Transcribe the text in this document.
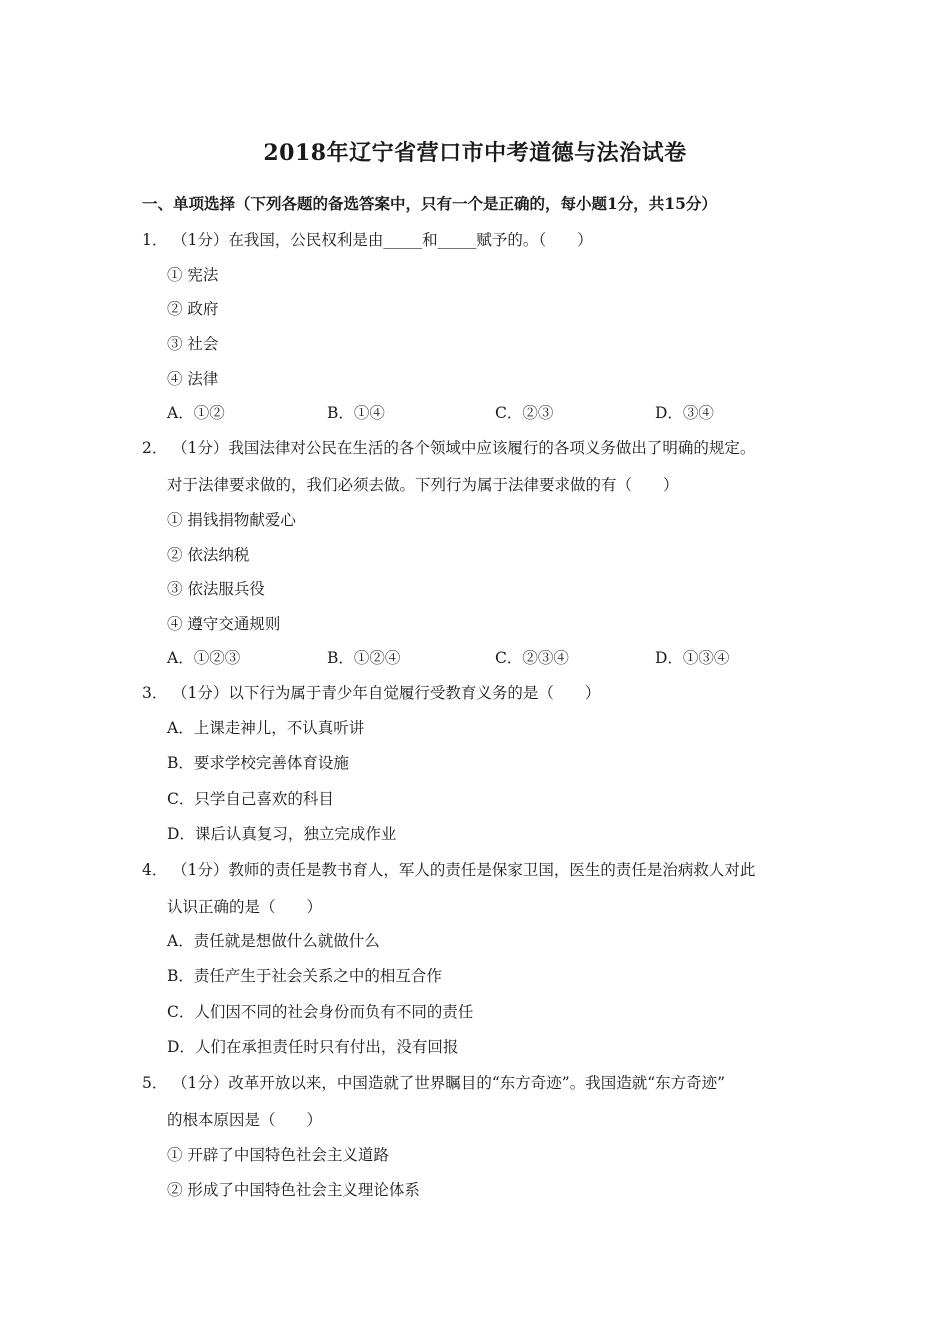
2018年辽宁省营口市中考道德与法治试卷
一、单项选择（下列各题的备选答案中，只有一个是正确的，每小题1分，共15分）
1． （1分）在我国，公民权利是由_____和_____赋予的。（　　）
① 宪法
② 政府
③ 社会
④ 法律
A．①②	B．①④	C．②③	D．③④
2． （1分）我国法律对公民在生活的各个领域中应该履行的各项义务做出了明确的规定。
对于法律要求做的，我们必须去做。下列行为属于法律要求做的有（　　）
① 捐钱捐物献爱心
② 依法纳税
③ 依法服兵役
④ 遵守交通规则
A．①②③	B．①②④	C．②③④	D．①③④
3． （1分）以下行为属于青少年自觉履行受教育义务的是（　　）
A．上课走神儿，不认真听讲
B．要求学校完善体育设施
C．只学自己喜欢的科目
D．课后认真复习，独立完成作业
4． （1分）教师的责任是教书育人，军人的责任是保家卫国，医生的责任是治病救人对此
认识正确的是（　　）
A．责任就是想做什么就做什么
B．责任产生于社会关系之中的相互合作
C．人们因不同的社会身份而负有不同的责任
D．人们在承担责任时只有付出，没有回报
5． （1分）改革开放以来，中国造就了世界瞩目的“东方奇迹”。我国造就“东方奇迹”
的根本原因是（　　）
① 开辟了中国特色社会主义道路
② 形成了中国特色社会主义理论体系
